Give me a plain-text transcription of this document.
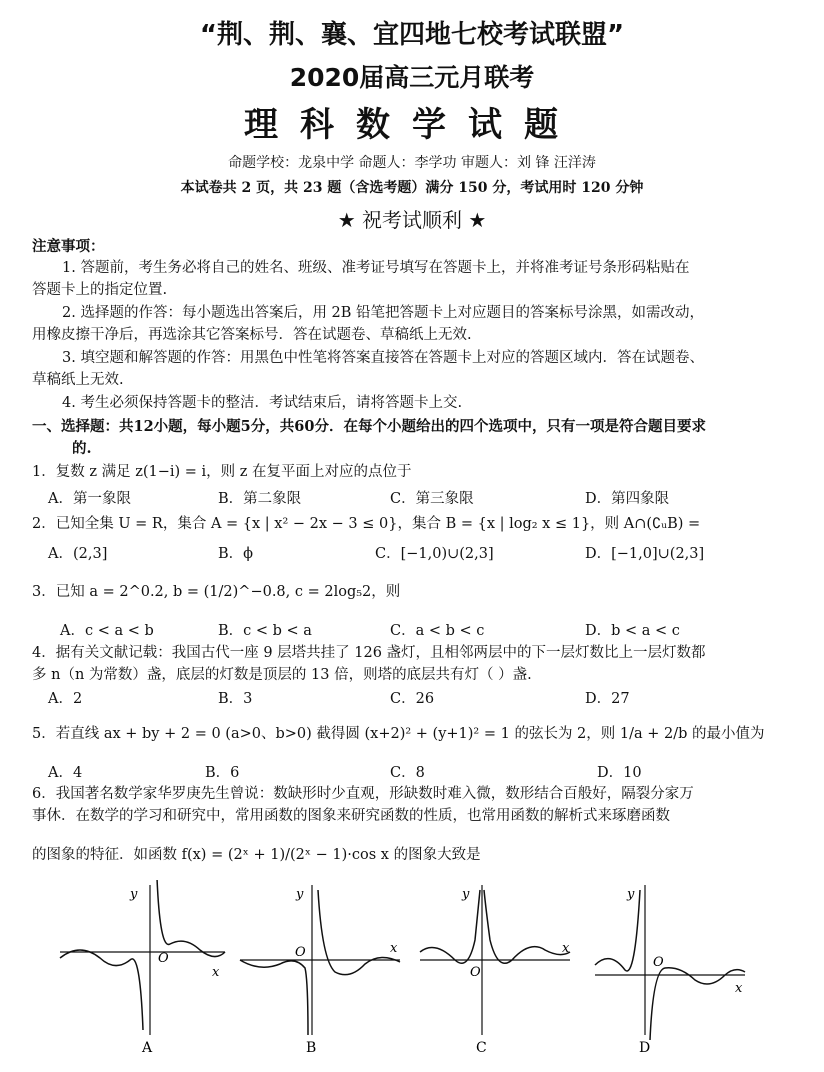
“荆、荆、襄、宜四地七校考试联盟”
2020届高三元月联考
理科数学试题
命题学校：龙泉中学 命题人：李学功 审题人：刘 锋 汪洋涛
本试卷共 2 页，共 23 题（含选考题）满分 150 分，考试用时 120 分钟
★ 祝考试顺利 ★
注意事项：
1. 答题前，考生务必将自己的姓名、班级、准考证号填写在答题卡上，并将准考证号条形码粘贴在
答题卡上的指定位置.
2. 选择题的作答：每小题选出答案后，用 2B 铅笔把答题卡上对应题目的答案标号涂黑，如需改动，
用橡皮擦干净后，再选涂其它答案标号．答在试题卷、草稿纸上无效.
3. 填空题和解答题的作答：用黑色中性笔将答案直接答在答题卡上对应的答题区域内．答在试题卷、
草稿纸上无效.
4. 考生必须保持答题卡的整洁．考试结束后，请将答题卡上交.
一、选择题：共12小题，每小题5分，共60分．在每个小题给出的四个选项中，只有一项是符合题目要求
的.
1．复数 z 满足 z(1−i) = i，则 z 在复平面上对应的点位于
A．第一象限	B．第二象限	C．第三象限	D．第四象限
2．已知全集 U = R，集合 A = {x | x² − 2x − 3 ≤ 0}，集合 B = {x | log₂ x ≤ 1}，则 A∩(∁ᵤB) =
A．(2,3]	B．ϕ	C．[−1,0)∪(2,3]	D．[−1,0]∪(2,3]
3．已知 a = 2^0.2, b = (1/2)^−0.8, c = 2log₅2，则
A．c < a < b	B．c < b < a	C．a < b < c	D．b < a < c
4．据有关文献记载：我国古代一座 9 层塔共挂了 126 盏灯，且相邻两层中的下一层灯数比上一层灯数都
多 n（n 为常数）盏，底层的灯数是顶层的 13 倍，则塔的底层共有灯（ ）盏.
A．2	B．3	C．26	D．27
5．若直线 ax + by + 2 = 0 (a>0、b>0) 截得圆 (x+2)² + (y+1)² = 1 的弦长为 2，则 1/a + 2/b 的最小值为
A．4	B．6	C．8	D．10
6．我国著名数学家华罗庚先生曾说：数缺形时少直观，形缺数时难入微，数形结合百般好，隔裂分家万
事休．在数学的学习和研究中，常用函数的图象来研究函数的性质，也常用函数的解析式来琢磨函数
的图象的特征．如函数 f(x) = (2ˣ + 1)/(2ˣ − 1)·cos x 的图象大致是
y
O
x
A
y
O	x
B
y
O
x
C
y
O
x
D
